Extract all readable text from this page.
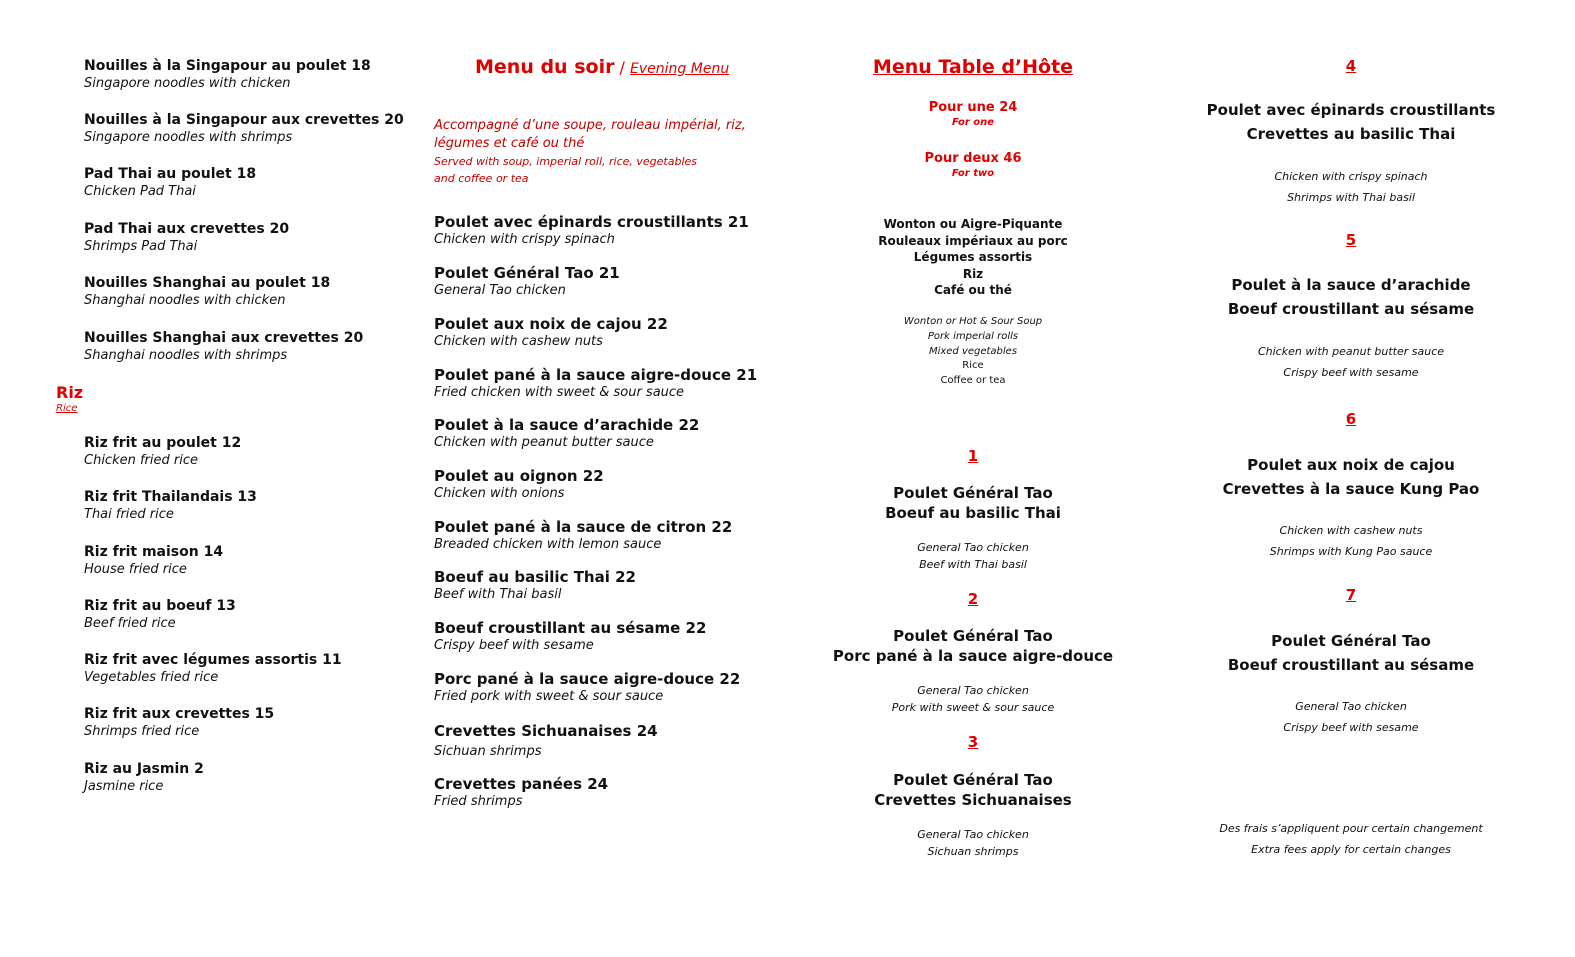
Nouilles à la Singapour au poulet 18
Singapore noodles with chicken
Nouilles à la Singapour aux crevettes 20
Singapore noodles with shrimps
Pad Thai au poulet 18
Chicken Pad Thai
Pad Thai aux crevettes 20
Shrimps Pad Thai
Nouilles Shanghai au poulet 18
Shanghai noodles with chicken
Nouilles Shanghai aux crevettes 20
Shanghai noodles with shrimps
Riz
Rice
Riz frit au poulet 12
Chicken fried rice
Riz frit Thailandais 13
Thai fried rice
Riz frit maison 14
House fried rice
Riz frit au boeuf 13
Beef fried rice
Riz frit avec légumes assortis 11
Vegetables fried rice
Riz frit aux crevettes 15
Shrimps fried rice
Riz au Jasmin 2
Jasmine rice
Menu du soir / Evening Menu
Accompagné d’une soupe, rouleau impérial, riz,
légumes et café ou thé
Served with soup, imperial roll, rice, vegetables
and coffee or tea
Poulet avec épinards croustillants 21
Chicken with crispy spinach
Poulet Général Tao 21
General Tao chicken
Poulet aux noix de cajou 22
Chicken with cashew nuts
Poulet pané à la sauce aigre-douce 21
Fried chicken with sweet & sour sauce
Poulet à la sauce d’arachide 22
Chicken with peanut butter sauce
Poulet au oignon 22
Chicken with onions
Poulet pané à la sauce de citron 22
Breaded chicken with lemon sauce
Boeuf au basilic Thai 22
Beef with Thai basil
Boeuf croustillant au sésame 22
Crispy beef with sesame
Porc pané à la sauce aigre-douce 22
Fried pork with sweet & sour sauce
Crevettes Sichuanaises 24
Sichuan shrimps
Crevettes panées 24
Fried shrimps
Menu Table d’Hôte
Pour une 24
For one
Pour deux 46
For two
Wonton ou Aigre-Piquante
Rouleaux impériaux au porc
Légumes assortis
Riz
Café ou thé
Wonton or Hot & Sour Soup
Pork imperial rolls
Mixed vegetables
Rice
Coffee or tea
1
Poulet Général Tao
Boeuf au basilic Thai
General Tao chicken
Beef with Thai basil
2
Poulet Général Tao
Porc pané à la sauce aigre-douce
General Tao chicken
Pork with sweet & sour sauce
3
Poulet Général Tao
Crevettes Sichuanaises
General Tao chicken
Sichuan shrimps
4
Poulet avec épinards croustillants
Crevettes au basilic Thai
Chicken with crispy spinach
Shrimps with Thai basil
5
Poulet à la sauce d’arachide
Boeuf croustillant au sésame
Chicken with peanut butter sauce
Crispy beef with sesame
6
Poulet aux noix de cajou
Crevettes à la sauce Kung Pao
Chicken with cashew nuts
Shrimps with Kung Pao sauce
7
Poulet Général Tao
Boeuf croustillant au sésame
General Tao chicken
Crispy beef with sesame
Des frais s’appliquent pour certain changement
Extra fees apply for certain changes
